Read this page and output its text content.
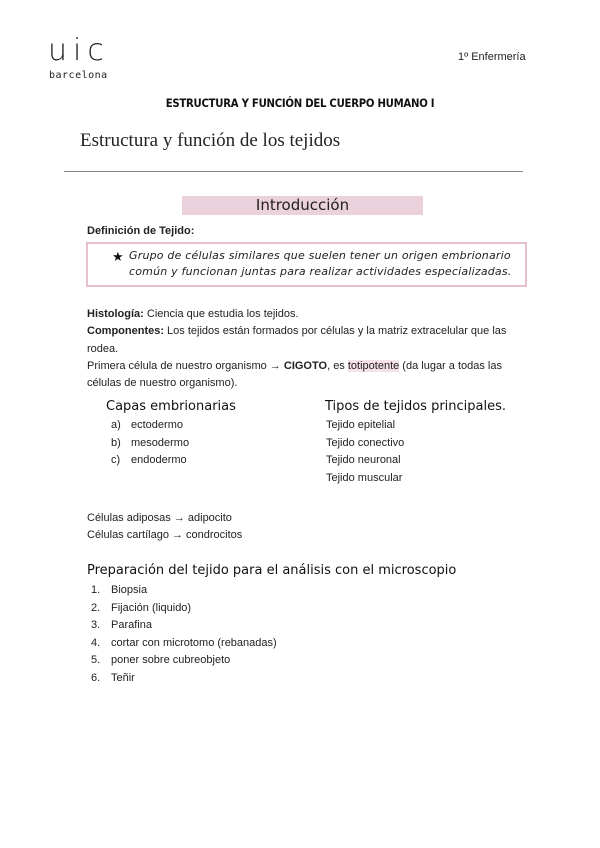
uic
barcelona
1º Enfermería
ESTRUCTURA Y FUNCIÓN DEL CUERPO HUMANO I
Estructura y función de los tejidos
Introducción
Definición de Tejido:
★ Grupo de células similares que suelen tener un origen embrionario
común y funcionan juntas para realizar actividades especializadas.
Histología: Ciencia que estudia los tejidos.
Componentes: Los tejidos están formados por células y la matriz extracelular que las
rodea.
Primera célula de nuestro organismo → CIGOTO, es totipotente (da lugar a todas las
células de nuestro organismo).
Capas embrionarias
a) ectodermo
b) mesodermo
c) endodermo
Tipos de tejidos principales.
Tejido epitelial
Tejido conectivo
Tejido neuronal
Tejido muscular
Células adiposas → adipocito
Células cartílago → condrocitos
Preparación del tejido para el análisis con el microscopio
1. Biopsia
2. Fijación (liquido)
3. Parafina
4. cortar con microtomo (rebanadas)
5. poner sobre cubreobjeto
6. Teñir
